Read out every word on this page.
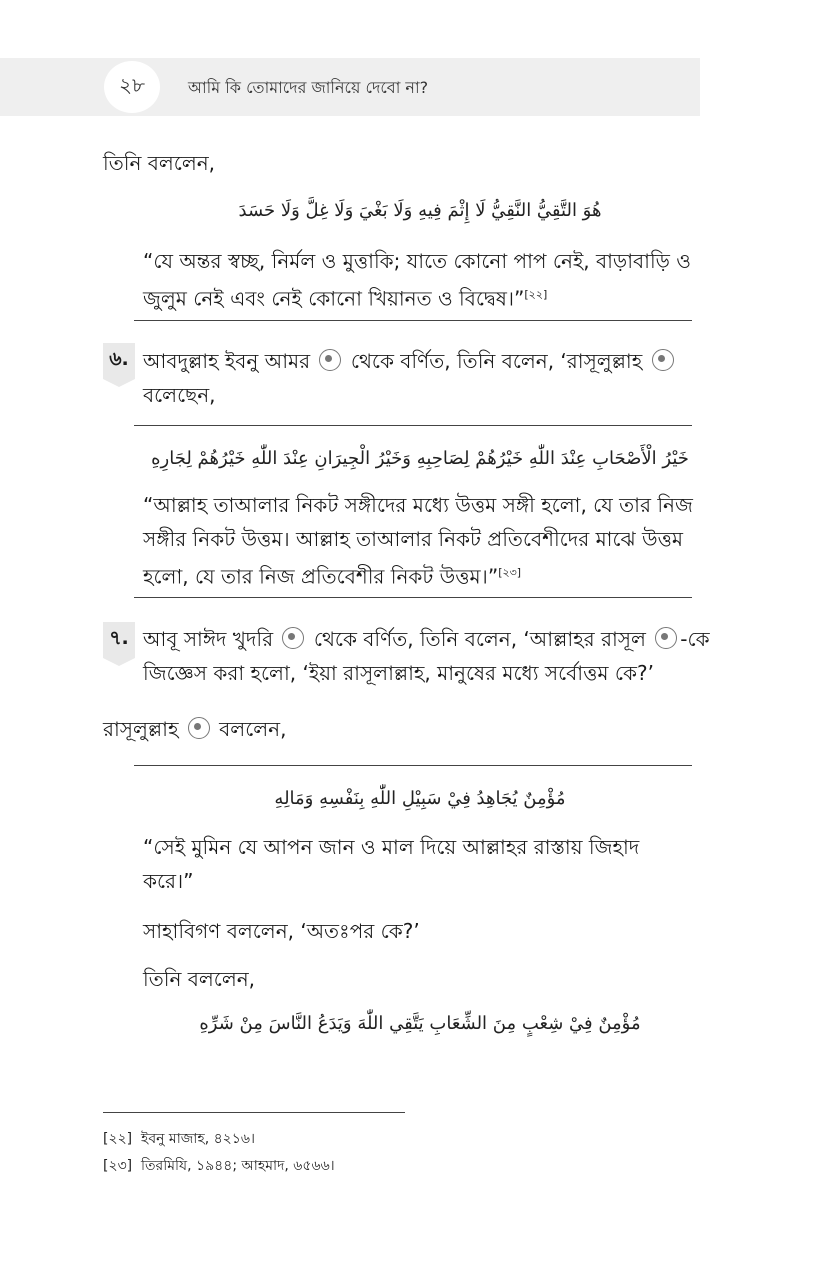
২৮	আমি কি তোমাদের জানিয়ে দেবো না?
তিনি বললেন,
هُوَ التَّقِيُّ النَّقِيُّ لَا إِثْمَ فِيهِ وَلَا بَغْيَ وَلَا غِلَّ وَلَا حَسَدَ
“যে অন্তর স্বচ্ছ, নির্মল ও মুত্তাকি; যাতে কোনো পাপ নেই, বাড়াবাড়ি ও
জুলুম নেই এবং নেই কোনো খিয়ানত ও বিদ্বেষ।”[২২]
৬. আবদুল্লাহ ইবনু আমর থেকে বর্ণিত, তিনি বলেন, ‘রাসূলুল্লাহ
বলেছেন,
خَيْرُ الْأَصْحَابِ عِنْدَ اللّٰهِ خَيْرُهُمْ لِصَاحِبِهِ وَخَيْرُ الْجِيرَانِ عِنْدَ اللّٰهِ خَيْرُهُمْ لِجَارِهِ
“আল্লাহ তাআলার নিকট সঙ্গীদের মধ্যে উত্তম সঙ্গী হলো, যে তার নিজ
সঙ্গীর নিকট উত্তম। আল্লাহ তাআলার নিকট প্রতিবেশীদের মাঝে উত্তম
হলো, যে তার নিজ প্রতিবেশীর নিকট উত্তম।”[২৩]
৭. আবূ সাঈদ খুদরি থেকে বর্ণিত, তিনি বলেন, ‘আল্লাহর রাসূল -কে
জিজ্ঞেস করা হলো, ‘ইয়া রাসূলাল্লাহ, মানুষের মধ্যে সর্বোত্তম কে?’
রাসূলুল্লাহ বললেন,
مُؤْمِنٌ يُجَاهِدُ فِيْ سَبِيْلِ اللّٰهِ بِنَفْسِهِ وَمَالِهِ
“সেই মুমিন যে আপন জান ও মাল দিয়ে আল্লাহর রাস্তায় জিহাদ
করে।”
সাহাবিগণ বললেন, ‘অতঃপর কে?’
তিনি বললেন,
مُؤْمِنٌ فِيْ شِعْبٍ مِنَ الشِّعَابِ يَتَّقِي اللّٰهَ وَيَدَعُ النَّاسَ مِنْ شَرِّهِ
[২২] ইবনু মাজাহ, ৪২১৬।
[২৩] তিরমিযি, ১৯৪৪; আহমাদ, ৬৫৬৬।
